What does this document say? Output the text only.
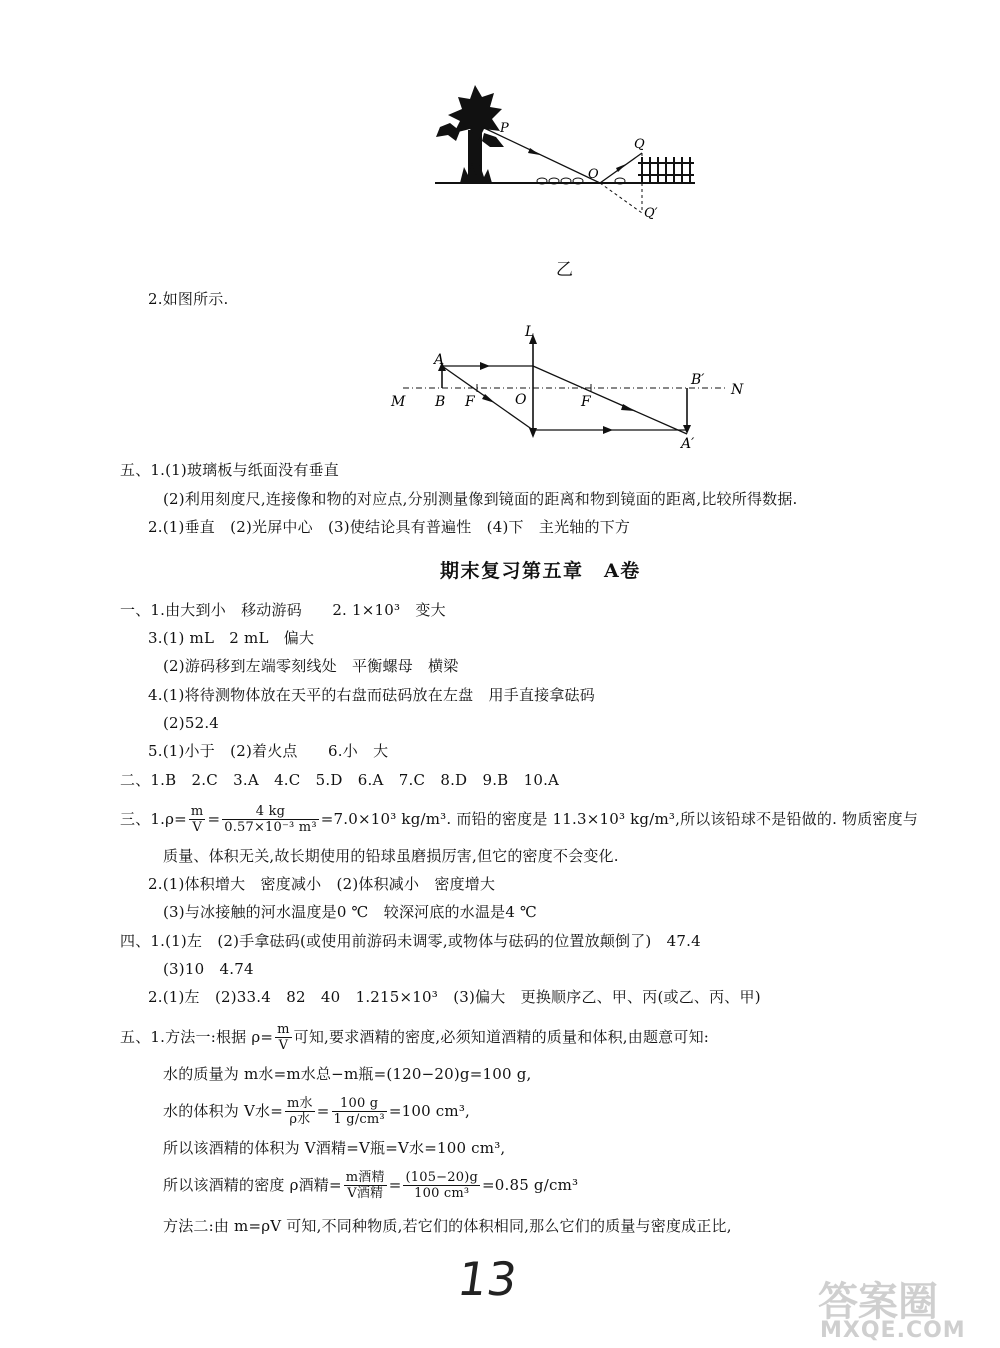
P
O
Q
Q′
乙
2.如图所示.
M B
A
F	O	F
L
B′
N
A′
五、1.(1)玻璃板与纸面没有垂直
(2)利用刻度尺,连接像和物的对应点,分别测量像到镜面的距离和物到镜面的距离,比较所得数据.
2.(1)垂直　(2)光屏中心　(3)使结论具有普遍性　(4)下　主光轴的下方
期末复习第五章　A卷
一、1.由大到小　移动游码　　2. 1×10³　变大
3.(1) mL　2 mL　偏大
(2)游码移到左端零刻线处　平衡螺母　横梁
4.(1)将待测物体放在天平的右盘而砝码放在左盘　用手直接拿砝码
(2)52.4
5.(1)小于　(2)着火点　　6.小　大
二、1.B　2.C　3.A　4.C　5.D　6.A　7.C　8.D　9.B　10.A
三、$1.\rho= \frac{m}{V} = \frac{4 kg}{\text{0.57×10⁻³ m³}} =7.0\times 10^3$ kg/m³. 而铅的密度是 11.3×10³ kg/m³,所以该铅球不是铅做的. 物质密度与
质量、体积无关,故长期使用的铅球虽磨损厉害,但它的密度不会变化.
2.(1)体积增大　密度减小　(2)体积减小　密度增大
(3)与冰接触的河水温度是0 ℃　较深河底的水温是4 ℃
四、1.(1)左　(2)手拿砝码(或使用前游码未调零,或物体与砝码的位置放颠倒了)　47.4
(3)10　4.74
2.(1)左　(2)33.4　82　40　1.215×10³　(3)偏大　更换顺序乙、甲、丙(或乙、丙、甲)
五、1.方法一:根据 $\rho= \frac{m}{V}$ 可知,要求酒精的密度,必须知道酒精的质量和体积,由题意可知:
水的质量为 m水=m水总−m瓶=(120−20)g=100 g,
水的体积为 V水= $\frac{\text{m水}}{\text{ρ水}} = \frac{100 g}{\text{1 g/cm³}} =100$ cm³,
所以该酒精的体积为 V酒精=V瓶=V水=100 cm³,
所以该酒精的密度 ρ酒精= $\frac{\text{m酒精}}{\text{V酒精}} = \frac{(105-20)g}{\text{100 cm³}} =0.85$ g/cm³
方法二:由 m=ρV 可知,不同种物质,若它们的体积相同,那么它们的质量与密度成正比,
13	答案圈
MXQE.COM
